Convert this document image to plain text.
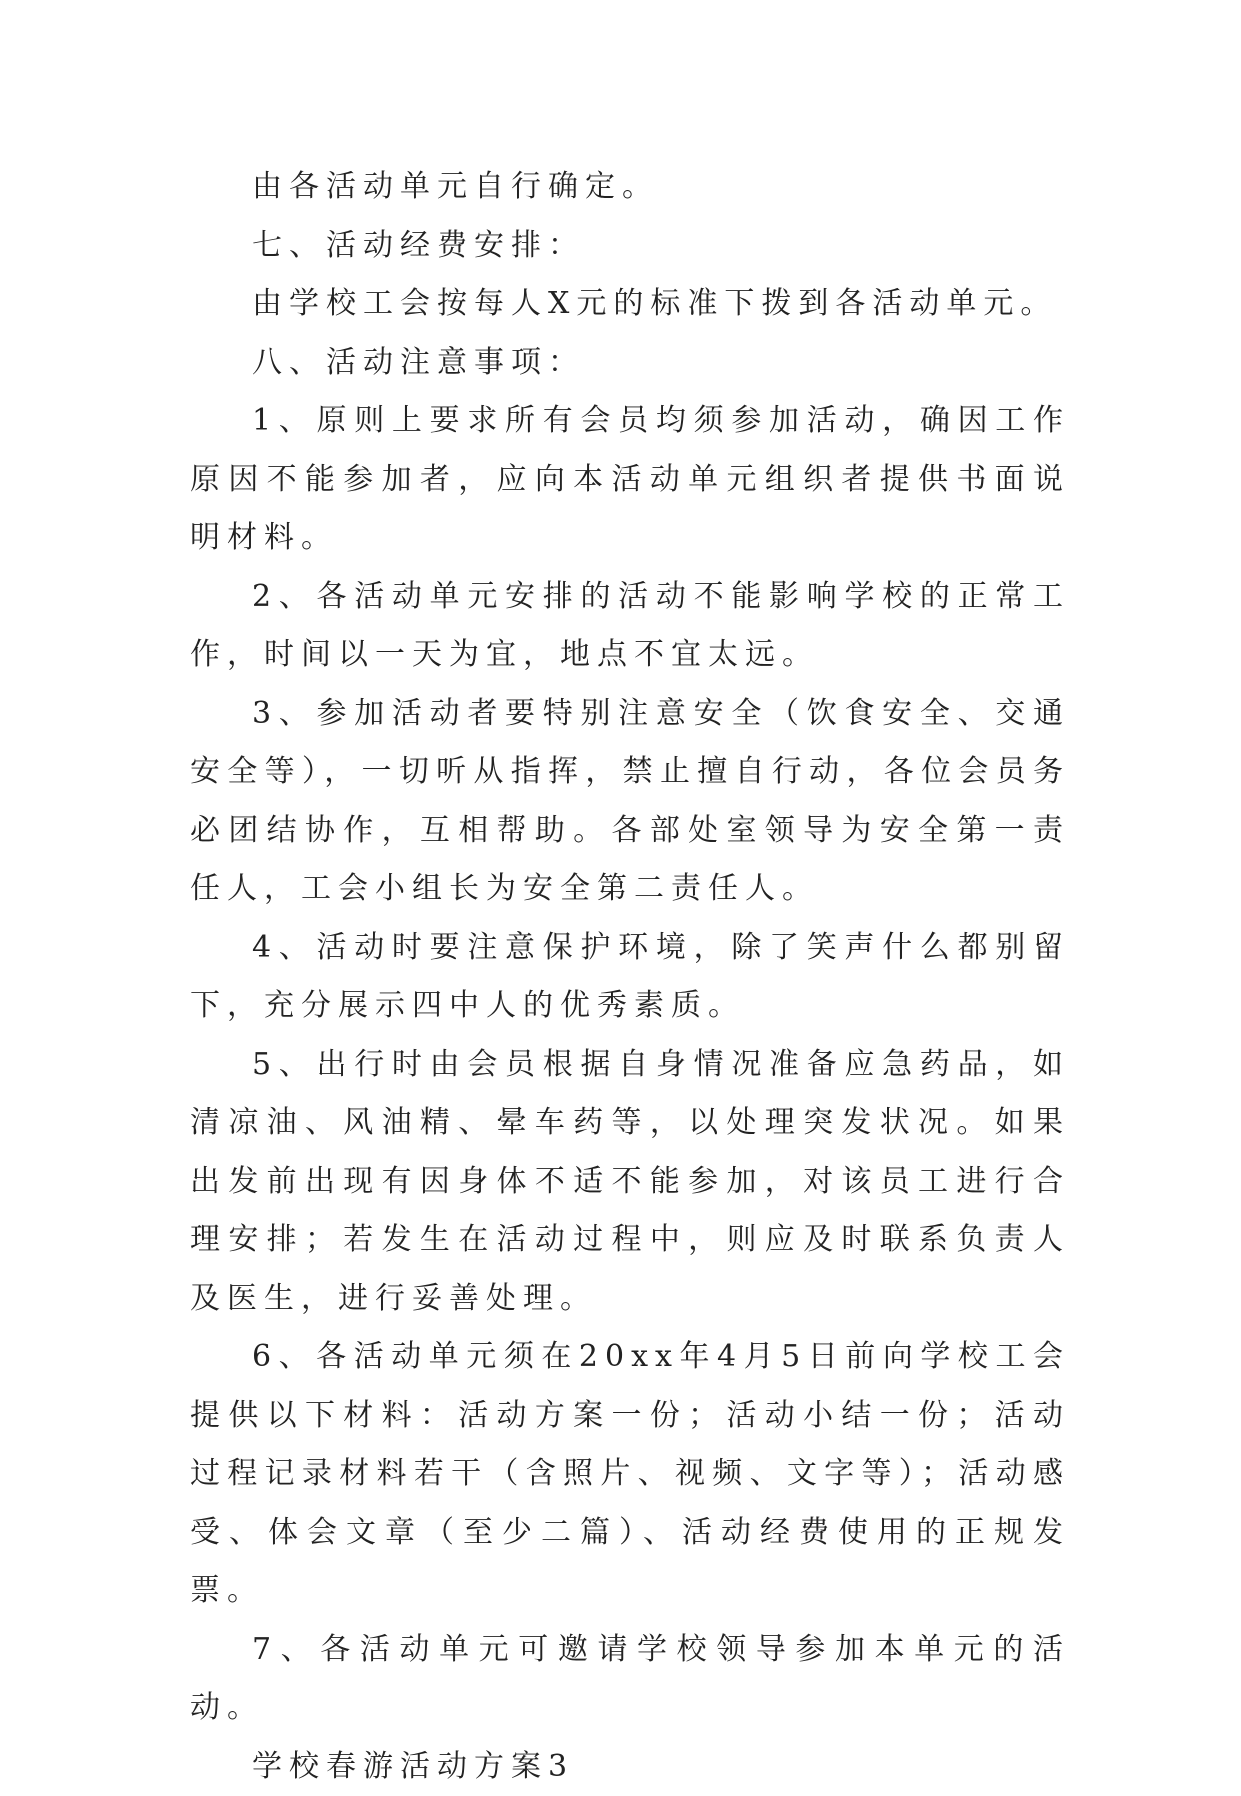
由各活动单元自行确定。

七、活动经费安排：

由学校工会按每人X元的标准下拨到各活动单元。

八、活动注意事项：

1、原则上要求所有会员均须参加活动，确因工作原因不能参加者，应向本活动单元组织者提供书面说明材料。

2、各活动单元安排的活动不能影响学校的正常工作，时间以一天为宜，地点不宜太远。

3、参加活动者要特别注意安全（饮食安全、交通安全等），一切听从指挥，禁止擅自行动，各位会员务必团结协作，互相帮助。各部处室领导为安全第一责任人，工会小组长为安全第二责任人。

4、活动时要注意保护环境，除了笑声什么都别留下，充分展示四中人的优秀素质。

5、出行时由会员根据自身情况准备应急药品，如清凉油、风油精、晕车药等，以处理突发状况。如果出发前出现有因身体不适不能参加，对该员工进行合理安排；若发生在活动过程中，则应及时联系负责人及医生，进行妥善处理。

6、各活动单元须在20xx年4月5日前向学校工会提供以下材料：活动方案一份；活动小结一份；活动过程记录材料若干（含照片、视频、文字等）；活动感受、体会文章（至少二篇）、活动经费使用的正规发票。

7、各活动单元可邀请学校领导参加本单元的活动。

学校春游活动方案3
